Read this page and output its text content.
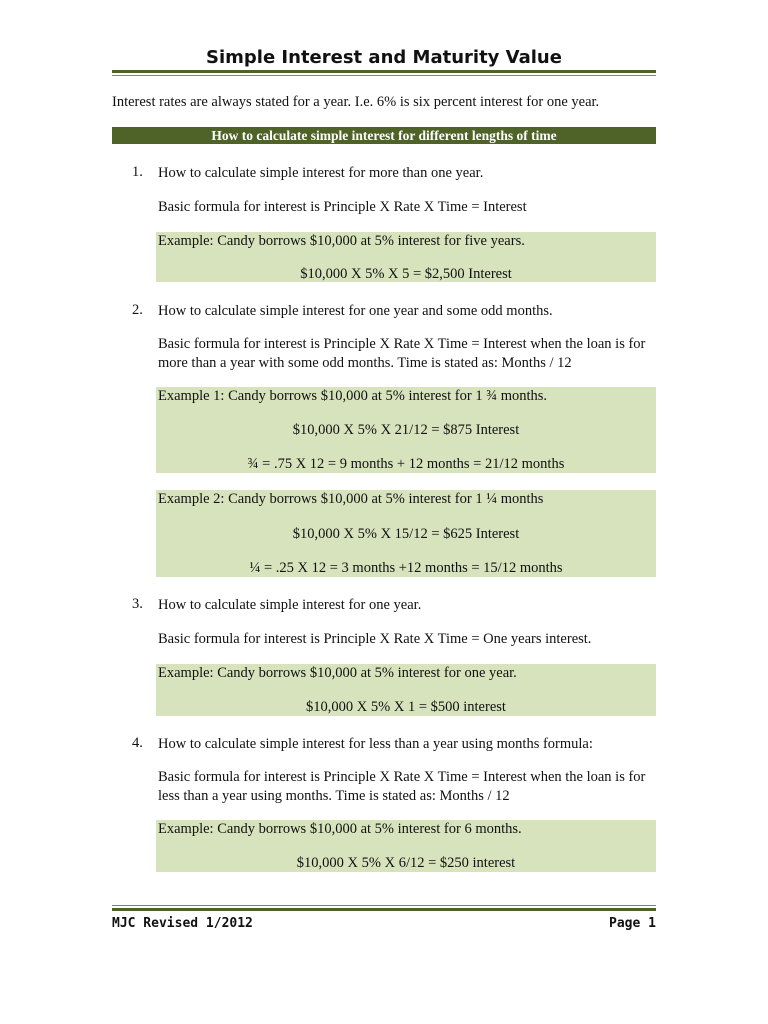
Simple Interest and Maturity Value
Interest rates are always stated for a year. I.e. 6% is six percent interest for one year.
How to calculate simple interest for different lengths of time
1. How to calculate simple interest for more than one year.
Basic formula for interest is Principle X Rate X Time = Interest
Example: Candy borrows $10,000 at 5% interest for five years.
$10,000 X 5% X 5 = $2,500 Interest
2. How to calculate simple interest for one year and some odd months.
Basic formula for interest is Principle X Rate X Time = Interest when the loan is for more than a year with some odd months. Time is stated as: Months / 12
Example 1: Candy borrows $10,000 at 5% interest for 1 ¾ months.
$10,000 X 5% X 21/12 = $875 Interest
¾ = .75 X 12 = 9 months + 12 months = 21/12 months
Example 2: Candy borrows $10,000 at 5% interest for 1 ¼ months
$10,000 X 5% X 15/12 = $625 Interest
¼ = .25 X 12 = 3 months +12 months = 15/12 months
3. How to calculate simple interest for one year.
Basic formula for interest is Principle X Rate X Time = One years interest.
Example: Candy borrows $10,000 at 5% interest for one year.
$10,000 X 5% X 1 = $500 interest
4. How to calculate simple interest for less than a year using months formula:
Basic formula for interest is Principle X Rate X Time = Interest when the loan is for less than a year using months. Time is stated as: Months / 12
Example: Candy borrows $10,000 at 5% interest for 6 months.
$10,000 X 5% X 6/12 = $250 interest
MJC Revised 1/2012	Page 1
